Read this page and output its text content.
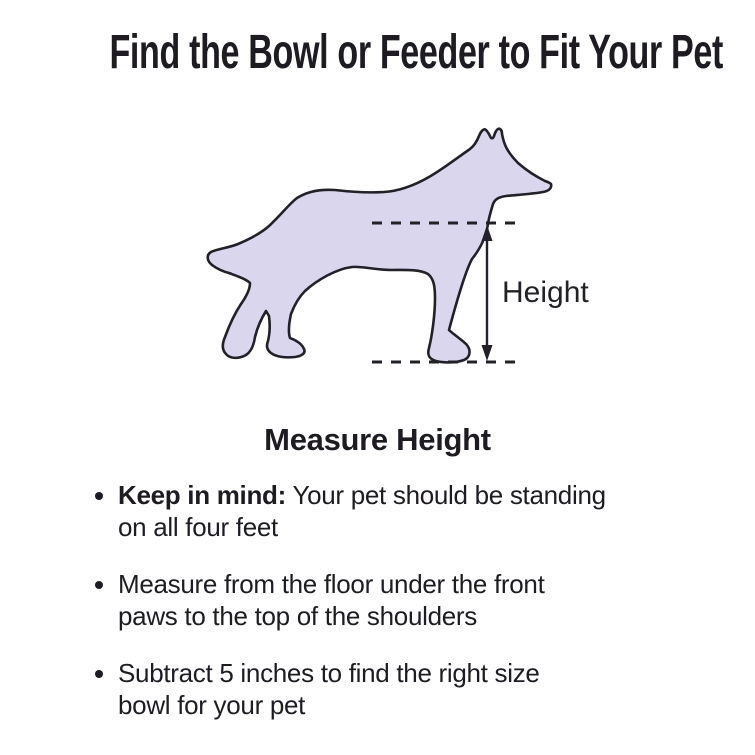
Find the Bowl or Feeder to Fit Your Pet
Height
Measure Height
Keep in mind: Your pet should be standing
on all four feet
Measure from the floor under the front
paws to the top of the shoulders
Subtract 5 inches to find the right size
bowl for your pet
